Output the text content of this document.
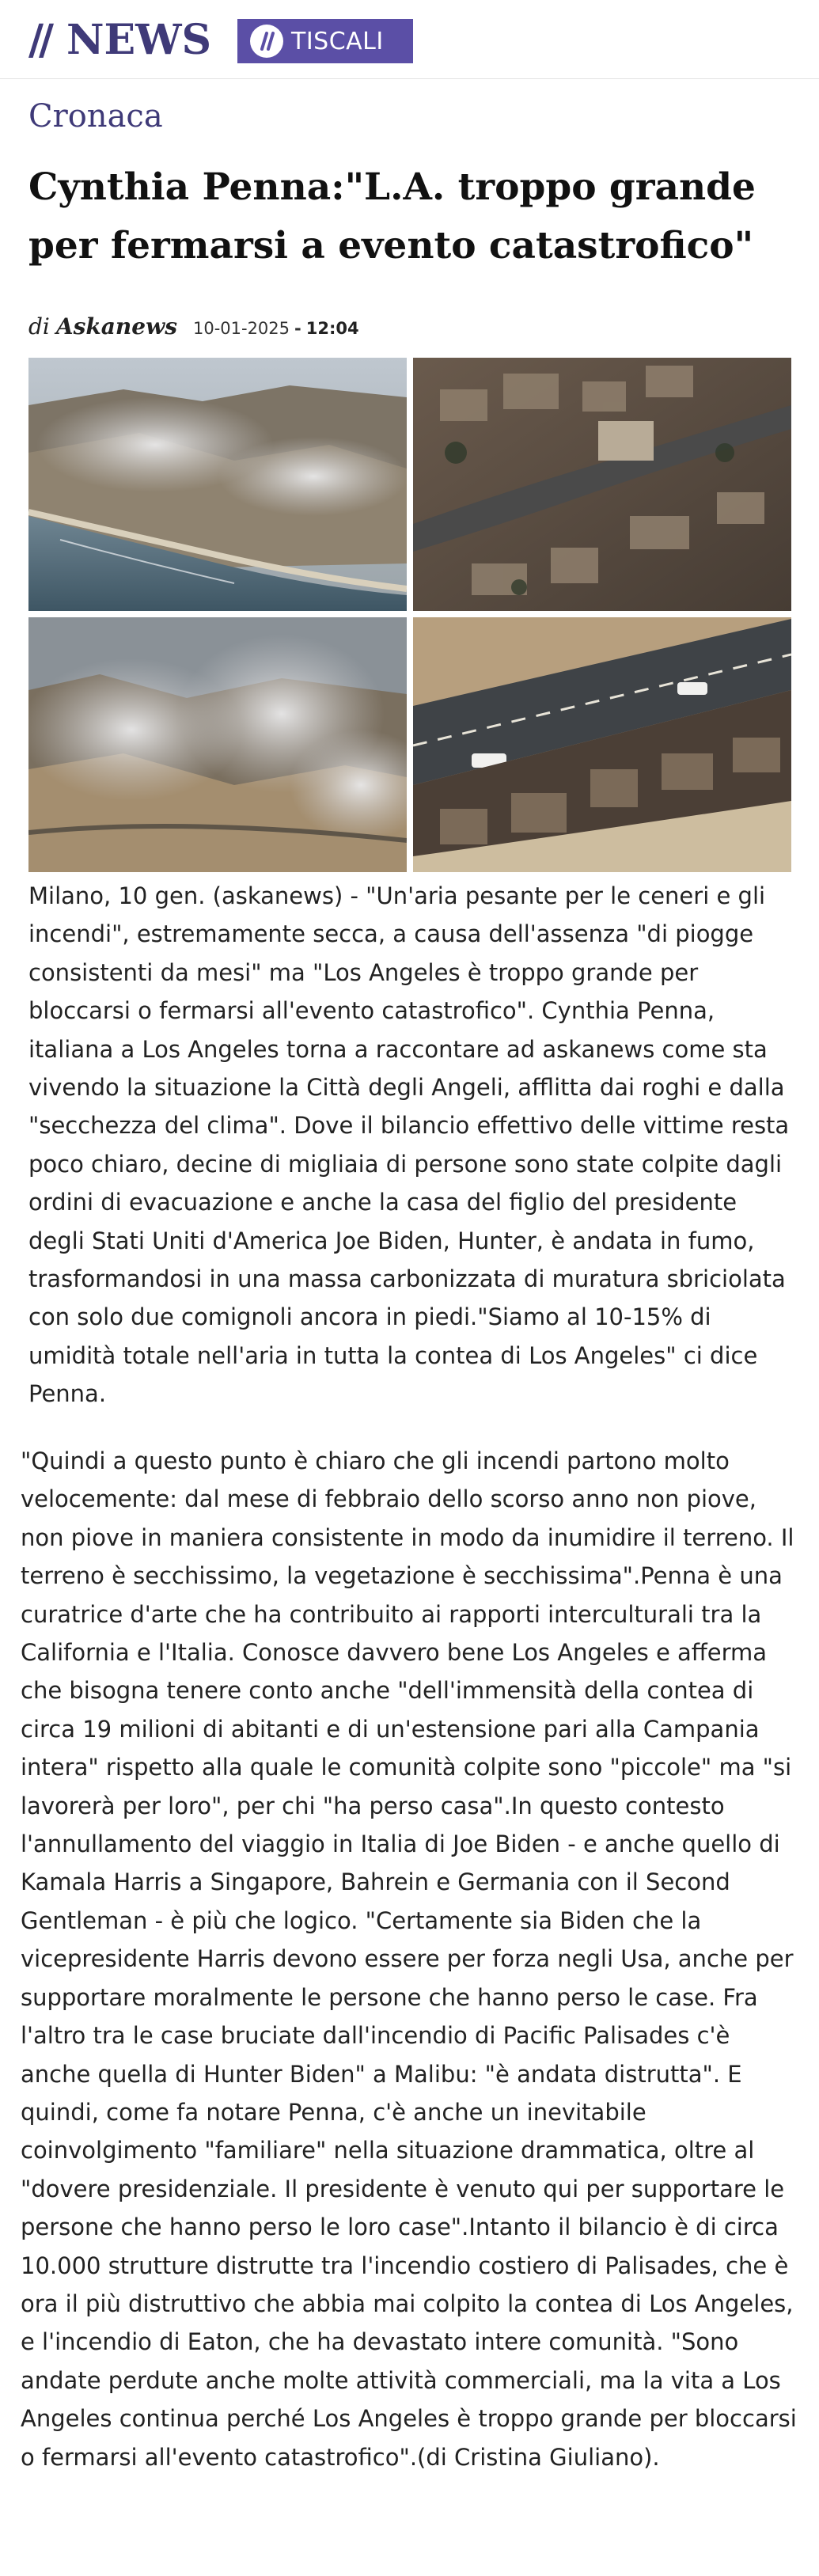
// NEWS	TISCALI
Cronaca
Cynthia Penna:"L.A. troppo grande per fermarsi a evento catastrofico"
di Askanews 10-01-2025 - 12:04

Milano, 10 gen. (askanews) - "Un'aria pesante per le ceneri e gli incendi", estremamente secca, a causa dell'assenza "di piogge consistenti da mesi" ma "Los Angeles è troppo grande per bloccarsi o fermarsi all'evento catastrofico". Cynthia Penna, italiana a Los Angeles torna a raccontare ad askanews come sta vivendo la situazione la Città degli Angeli, afflitta dai roghi e dalla "secchezza del clima". Dove il bilancio effettivo delle vittime resta poco chiaro, decine di migliaia di persone sono state colpite dagli ordini di evacuazione e anche la casa del figlio del presidente degli Stati Uniti d'America Joe Biden, Hunter, è andata in fumo, trasformandosi in una massa carbonizzata di muratura sbriciolata con solo due comignoli ancora in piedi."Siamo al 10-15% di umidità totale nell'aria in tutta la contea di Los Angeles" ci dice Penna.

"Quindi a questo punto è chiaro che gli incendi partono molto velocemente: dal mese di febbraio dello scorso anno non piove, non piove in maniera consistente in modo da inumidire il terreno. Il terreno è secchissimo, la vegetazione è secchissima".Penna è una curatrice d'arte che ha contribuito ai rapporti interculturali tra la California e l'Italia. Conosce davvero bene Los Angeles e afferma che bisogna tenere conto anche "dell'immensità della contea di circa 19 milioni di abitanti e di un'estensione pari alla Campania intera" rispetto alla quale le comunità colpite sono "piccole" ma "si lavorerà per loro", per chi "ha perso casa".In questo contesto l'annullamento del viaggio in Italia di Joe Biden - e anche quello di Kamala Harris a Singapore, Bahrein e Germania con il Second Gentleman - è più che logico. "Certamente sia Biden che la vicepresidente Harris devono essere per forza negli Usa, anche per supportare moralmente le persone che hanno perso le case. Fra l'altro tra le case bruciate dall'incendio di Pacific Palisades c'è anche quella di Hunter Biden" a Malibu: "è andata distrutta". E quindi, come fa notare Penna, c'è anche un inevitabile coinvolgimento "familiare" nella situazione drammatica, oltre al "dovere presidenziale. Il presidente è venuto qui per supportare le persone che hanno perso le loro case".Intanto il bilancio è di circa 10.000 strutture distrutte tra l'incendio costiero di Palisades, che è ora il più distruttivo che abbia mai colpito la contea di Los Angeles, e l'incendio di Eaton, che ha devastato intere comunità. "Sono andate perdute anche molte attività commerciali, ma la vita a Los Angeles continua perché Los Angeles è troppo grande per bloccarsi o fermarsi all'evento catastrofico".(di Cristina Giuliano).
